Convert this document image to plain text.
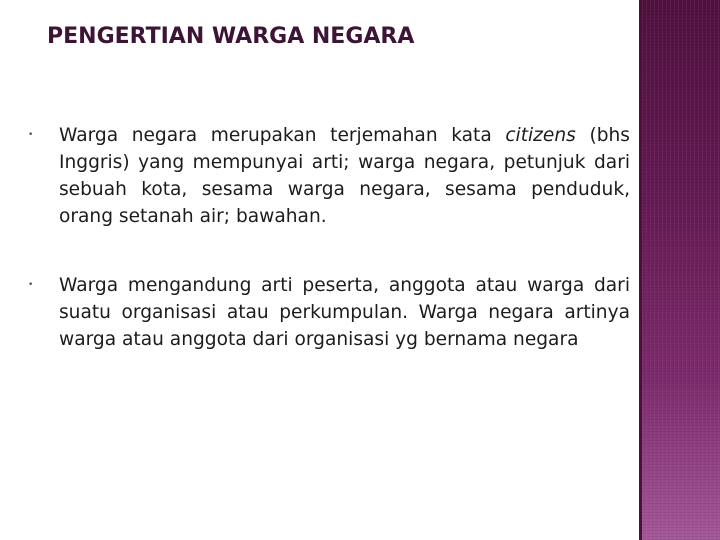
PENGERTIAN WARGA NEGARA

• Warga negara merupakan terjemahan kata citizens (bhs Inggris) yang mempunyai arti; warga negara, petunjuk dari sebuah kota, sesama warga negara, sesama penduduk, orang setanah air; bawahan.

• Warga mengandung arti peserta, anggota atau warga dari suatu organisasi atau perkumpulan. Warga negara artinya warga atau anggota dari organisasi yg bernama negara
